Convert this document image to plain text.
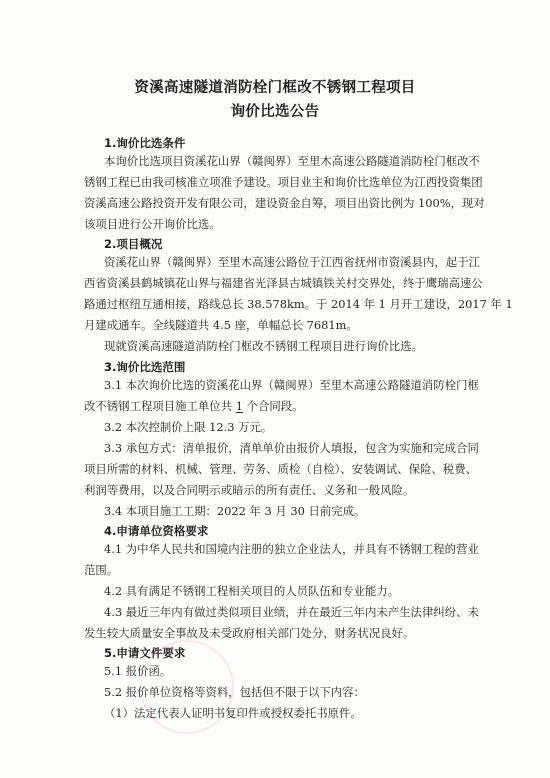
资溪高速隧道消防栓门框改不锈钢工程项目
询价比选公告
1.询价比选条件
本询价比选项目资溪花山界（赣闽界）至里木高速公路隧道消防栓门框改不
锈钢工程已由我司核准立项准予建设。项目业主和询价比选单位为江西投资集团
资溪高速公路投资开发有限公司，建设资金自筹，项目出资比例为 100%，现对
该项目进行公开询价比选。
2.项目概况
资溪花山界（赣闽界）至里木高速公路位于江西省抚州市资溪县内，起于江
西省资溪县鹤城镇花山界与福建省光泽县古城镇铁关村交界处，终于鹰瑞高速公
路通过枢纽互通相接，路线总长 38.578km。于 2014 年 1 月开工建设，2017 年 1
月建成通车。全线隧道共 4.5 座，单幅总长 7681m。
现就资溪高速隧道消防栓门框改不锈钢工程项目进行询价比选。
3.询价比选范围
3.1 本次询价比选的资溪花山界（赣闽界）至里木高速公路隧道消防栓门框
改不锈钢工程项目施工单位共 1 个合同段。
3.2 本次控制价上限 12.3 万元。
3.3 承包方式：清单报价，清单单价由报价人填报，包含为实施和完成合同
项目所需的材料、机械、管理、劳务、质检（自检）、安装调试、保险、税费、
利润等费用，以及合同明示或暗示的所有责任、义务和一般风险。
3.4 本项目施工工期：2022 年 3 月 30 日前完成。
4.申请单位资格要求
4.1 为中华人民共和国境内注册的独立企业法人，并具有不锈钢工程的营业
范围。
4.2 具有满足不锈钢工程相关项目的人员队伍和专业能力。
4.3 最近三年内有做过类似项目业绩，并在最近三年内未产生法律纠纷、未
发生较大质量安全事故及未受政府相关部门处分，财务状况良好。
5.申请文件要求
5.1 报价函。
5.2 报价单位资格等资料，包括但不限于以下内容：
（1）法定代表人证明书复印件或授权委托书原件。
